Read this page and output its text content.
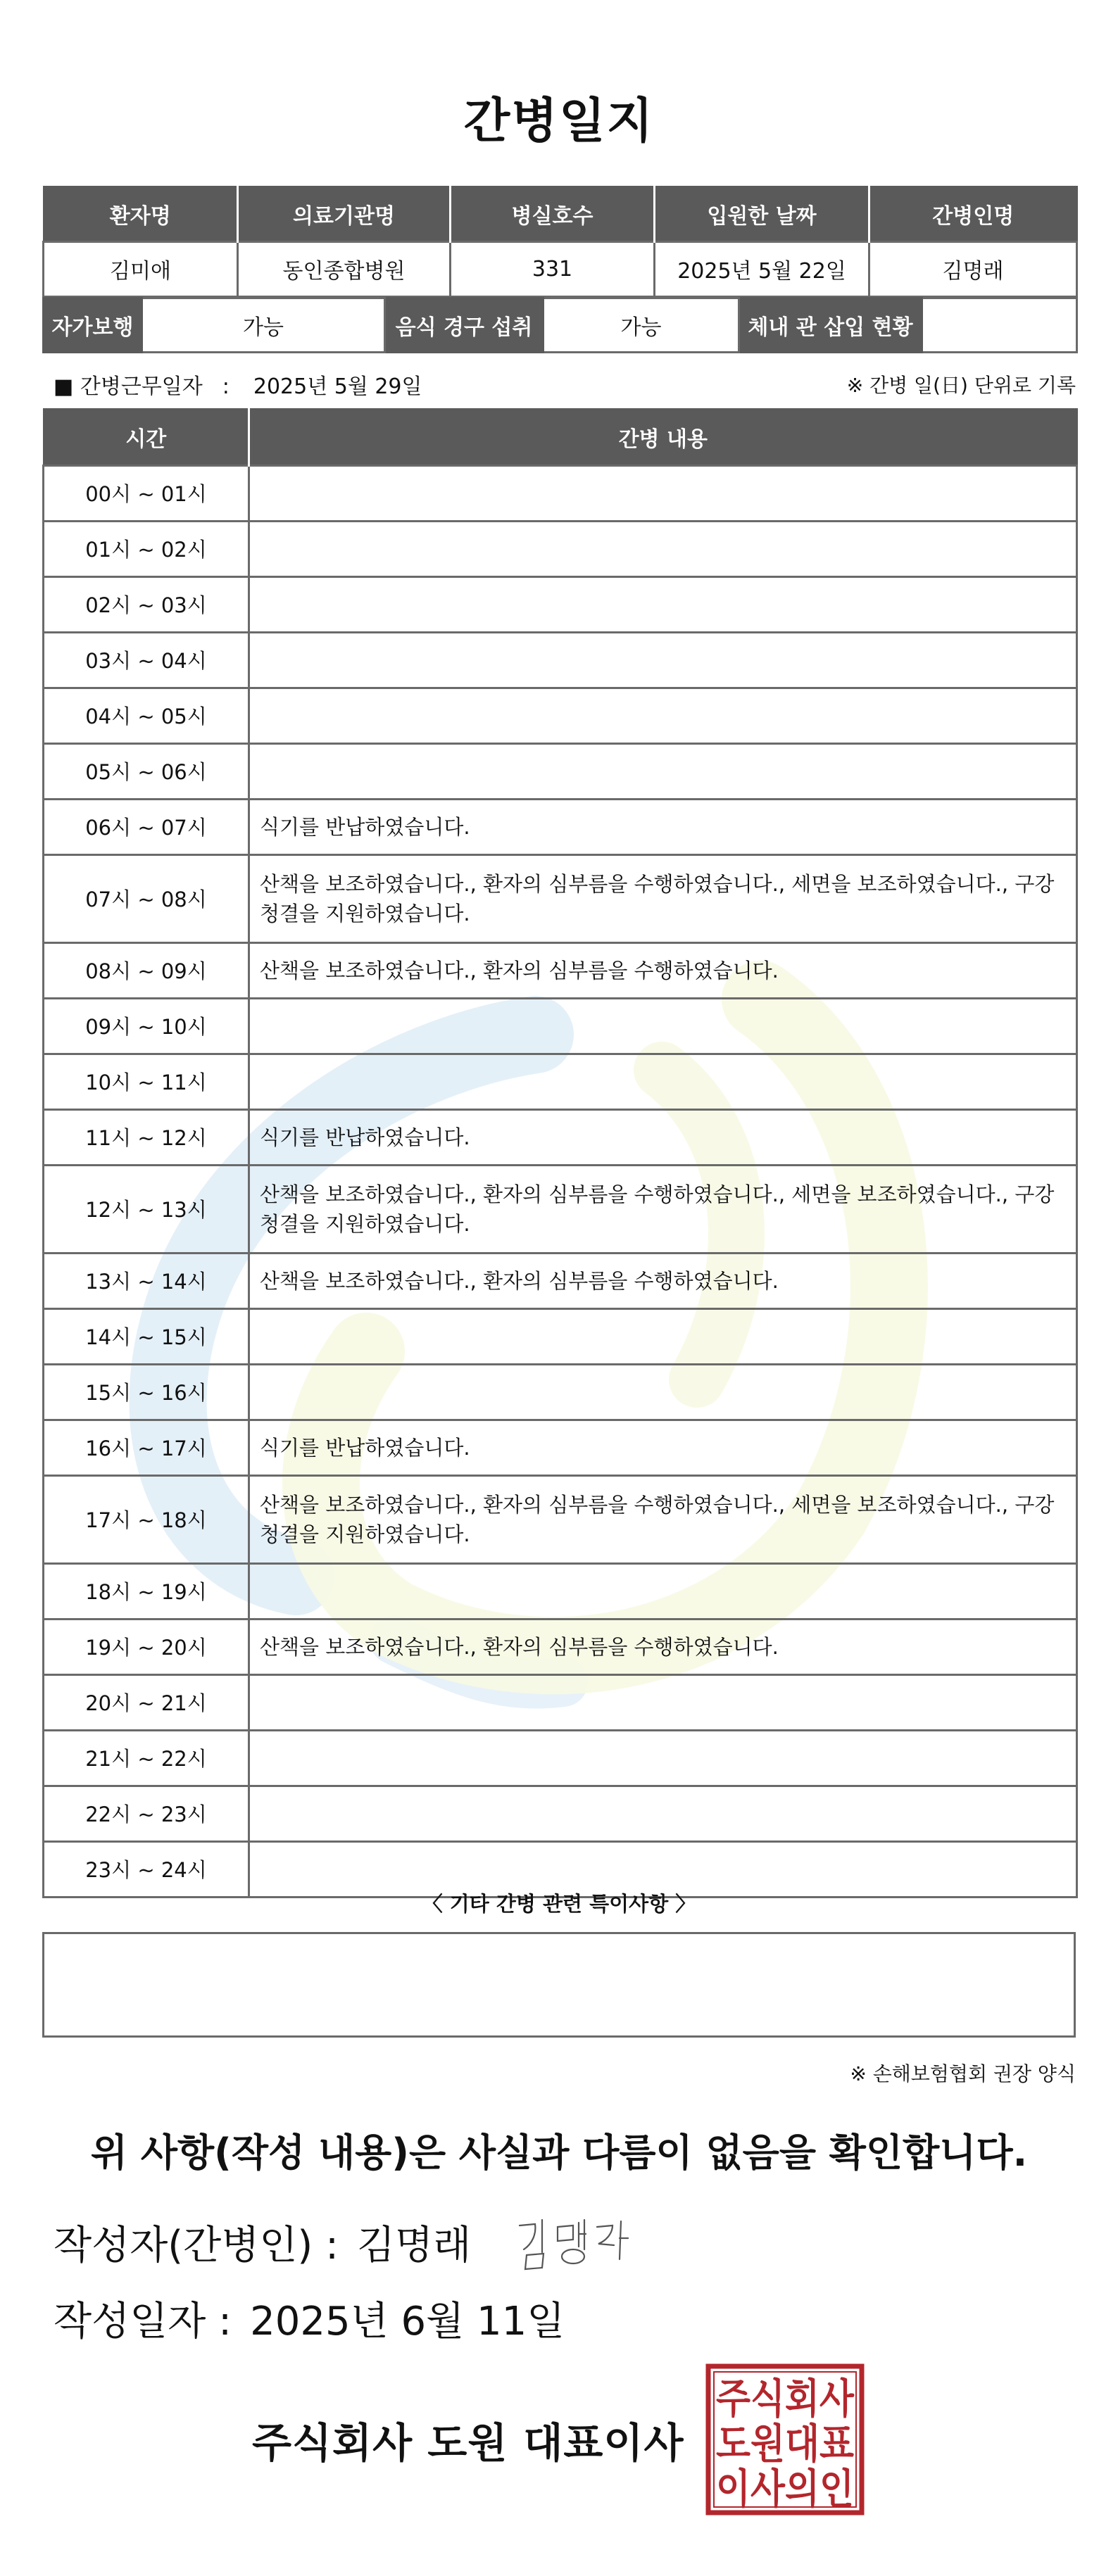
간병일지
환자명	의료기관명	병실호수	입원한 날짜	간병인명
김미애	동인종합병원	331	2025년 5월 22일	김명래
자가보행	가능	음식 경구 섭취	가능	체내 관 삽입 현황	
■ 간병근무일자 : 2025년 5월 29일	※ 간병 일(日) 단위로 기록
시간	간병 내용
00시 ~ 01시	
01시 ~ 02시	
02시 ~ 03시	
03시 ~ 04시	
04시 ~ 05시	
05시 ~ 06시	
06시 ~ 07시	식기를 반납하였습니다.
07시 ~ 08시	산책을 보조하였습니다., 환자의 심부름을 수행하였습니다., 세면을 보조하였습니다., 구강청결을 지원하였습니다.
08시 ~ 09시	산책을 보조하였습니다., 환자의 심부름을 수행하였습니다.
09시 ~ 10시	
10시 ~ 11시	
11시 ~ 12시	식기를 반납하였습니다.
12시 ~ 13시	산책을 보조하였습니다., 환자의 심부름을 수행하였습니다., 세면을 보조하였습니다., 구강청결을 지원하였습니다.
13시 ~ 14시	산책을 보조하였습니다., 환자의 심부름을 수행하였습니다.
14시 ~ 15시	
15시 ~ 16시	
16시 ~ 17시	식기를 반납하였습니다.
17시 ~ 18시	산책을 보조하였습니다., 환자의 심부름을 수행하였습니다., 세면을 보조하였습니다., 구강청결을 지원하였습니다.
18시 ~ 19시	
19시 ~ 20시	산책을 보조하였습니다., 환자의 심부름을 수행하였습니다.
20시 ~ 21시	
21시 ~ 22시	
22시 ~ 23시	
23시 ~ 24시	
〈 기타 간병 관련 특이사항 〉
※ 손해보험협회 권장 양식
위 사항(작성 내용)은 사실과 다름이 없음을 확인합니다.
작성자(간병인) : 김명래
작성일자 : 2025년 6월 11일
주식회사 도원 대표이사
주식회사
도원대표
이사의인
